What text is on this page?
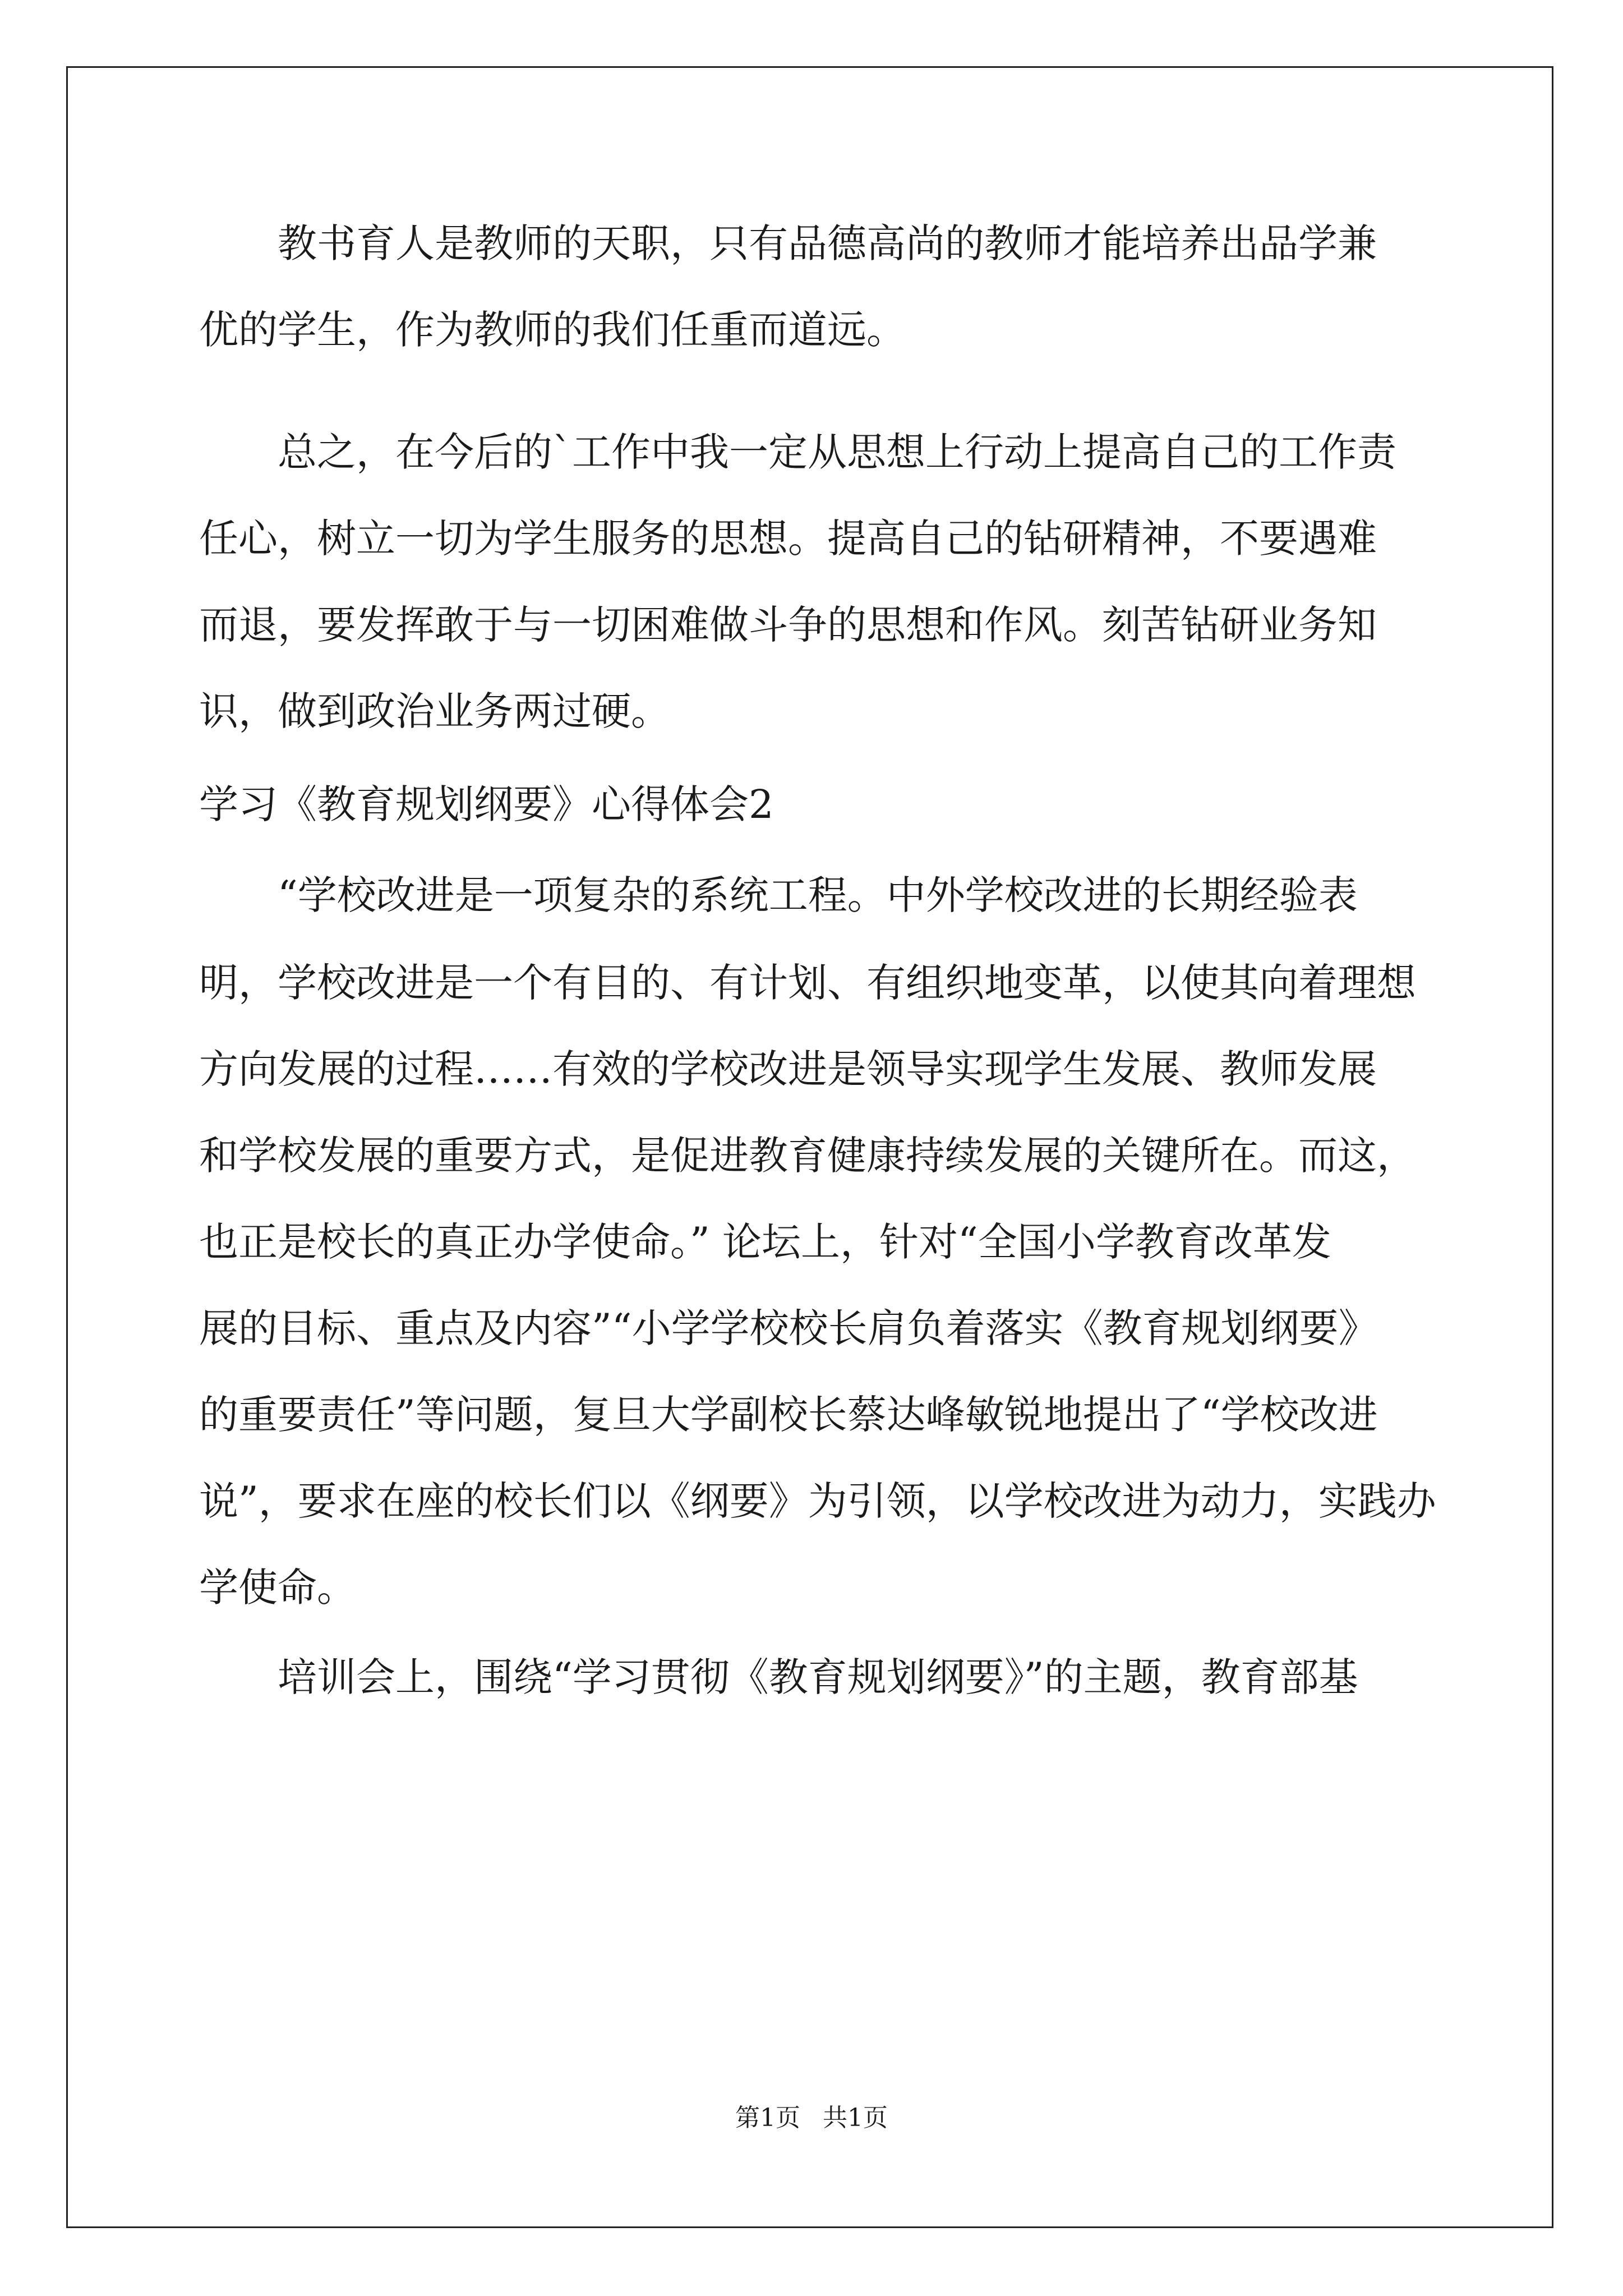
教书育人是教师的天职，只有品德高尚的教师才能培养出品学兼
优的学生，作为教师的我们任重而道远。
总之，在今后的`工作中我一定从思想上行动上提高自己的工作责
任心，树立一切为学生服务的思想。提高自己的钻研精神，不要遇难
而退，要发挥敢于与一切困难做斗争的思想和作风。刻苦钻研业务知
识，做到政治业务两过硬。
学习《教育规划纲要》心得体会2
“学校改进是一项复杂的系统工程。中外学校改进的长期经验表
明，学校改进是一个有目的、有计划、有组织地变革，以使其向着理想
方向发展的过程……有效的学校改进是领导实现学生发展、教师发展
和学校发展的重要方式，是促进教育健康持续发展的关键所在。而这，
也正是校长的真正办学使命。” 论坛上，针对“全国小学教育改革发
展的目标、重点及内容”“小学学校校长肩负着落实《教育规划纲要》
的重要责任”等问题，复旦大学副校长蔡达峰敏锐地提出了“学校改进
说”，要求在座的校长们以《纲要》为引领，以学校改进为动力，实践办
学使命。
培训会上，围绕“学习贯彻《教育规划纲要》”的主题，教育部基
第1页 共1页
